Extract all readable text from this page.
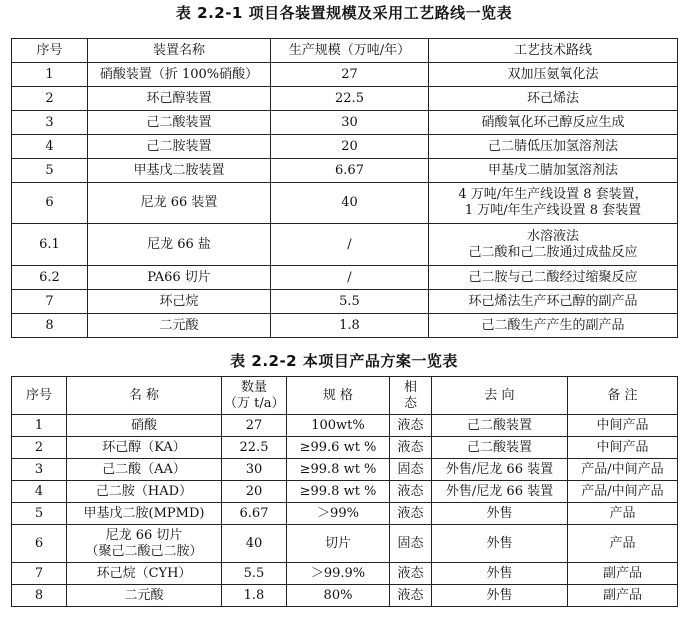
表 2.2-1 项目各装置规模及采用工艺路线一览表
序号	装置名称	生产规模（万吨/年）	工艺技术路线
1	硝酸装置（折 100%硝酸）	27	双加压氨氧化法
2	环己醇装置	22.5	环己烯法
3	己二酸装置	30	硝酸氧化环己醇反应生成
4	己二胺装置	20	己二腈低压加氢溶剂法
5	甲基戊二胺装置	6.67	甲基戊二腈加氢溶剂法
6	尼龙 66 装置	40	4 万吨/年生产线设置 8 套装置，
1 万吨/年生产线设置 8 套装置

6.1	尼龙 66 盐	/	水溶液法
己二酸和己二胺通过成盐反应

6.2	PA66 切片	/	己二胺与己二酸经过缩聚反应
7	环己烷	5.5	环己烯法生产环己醇的副产品
8	二元酸	1.8	己二酸生产产生的副产品
表 2.2-2 本项目产品方案一览表
序号	名 称	数量
（万 t/a）	规 格	相
态	去 向	备 注
1	硝酸	27	100wt%	液态	己二酸装置	中间产品
2	环己醇（KA）	22.5	≥99.6 wt %	液态	己二酸装置	中间产品
3	己二酸（AA）	30	≥99.8 wt %	固态	外售/尼龙 66 装置	产品/中间产品
4	己二胺（HAD）	20	≥99.8 wt %	液态	外售/尼龙 66 装置	产品/中间产品
5	甲基戊二胺(MPMD)	6.67	＞99%	液态	外售	产品
6	尼龙 66 切片
（聚己二酸己二胺）	40	切片	固态	外售	产品
7	环己烷（CYH）	5.5	＞99.9%	液态	外售	副产品
8	二元酸	1.8	80%	液态	外售	副产品
